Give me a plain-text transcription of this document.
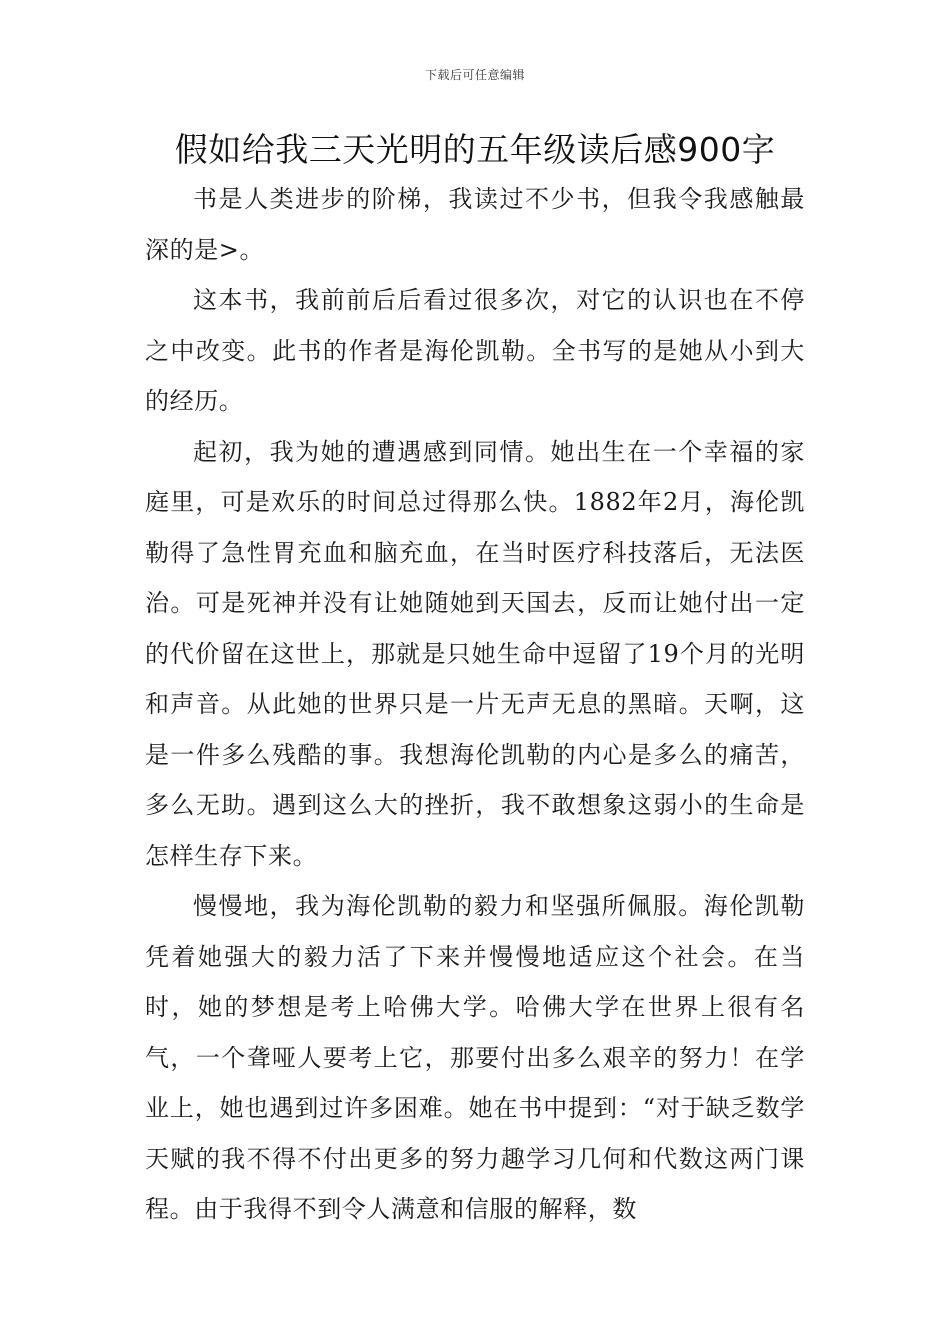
下载后可任意编辑
假如给我三天光明的五年级读后感900字

书是人类进步的阶梯，我读过不少书，但我令我感触最深的是>。

这本书，我前前后后看过很多次，对它的认识也在不停之中改变。此书的作者是海伦凯勒。全书写的是她从小到大的经历。

起初，我为她的遭遇感到同情。她出生在一个幸福的家庭里，可是欢乐的时间总过得那么快。1882年2月，海伦凯勒得了急性胃充血和脑充血，在当时医疗科技落后，无法医治。可是死神并没有让她随她到天国去，反而让她付出一定的代价留在这世上，那就是只她生命中逗留了19个月的光明和声音。从此她的世界只是一片无声无息的黑暗。天啊，这是一件多么残酷的事。我想海伦凯勒的内心是多么的痛苦，多么无助。遇到这么大的挫折，我不敢想象这弱小的生命是怎样生存下来。

慢慢地，我为海伦凯勒的毅力和坚强所佩服。海伦凯勒凭着她强大的毅力活了下来并慢慢地适应这个社会。在当时，她的梦想是考上哈佛大学。哈佛大学在世界上很有名气，一个聋哑人要考上它，那要付出多么艰辛的努力！在学业上，她也遇到过许多困难。她在书中提到：“对于缺乏数学天赋的我不得不付出更多的努力趣学习几何和代数这两门课程。由于我得不到令人满意和信服的解释，数
